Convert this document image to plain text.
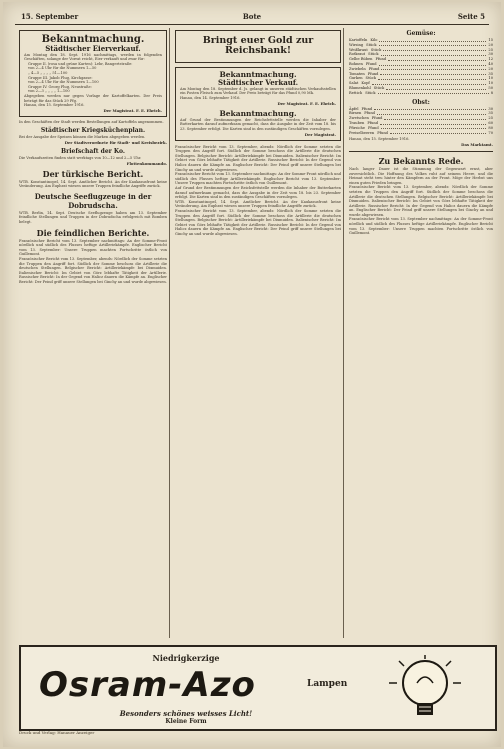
15. September	Bote	Seite 5
Bekanntmachung.
Städtischer Eierverkauf.
Am Montag den 18. Sept. 1916 nachmittags, werden in folgenden Geschäften, solange der Vorrat reicht, Eier verkauft und zwar für:
Gruppe II. (rosa und grüne Karten): Lehr, Bangertstraße:
von 2—4 Uhr für die Nummern 1—50
„ 4—5 „ „ „ „ 51—100
Gruppe III. Jakob Flug, Kirchgasse:
von 2—4 Uhr für die Nummern 1—100
Gruppe IV. Georg Flug, Neustraße:
von 2—3 „ „ „ „ 1—100
Abgegeben werden nur gegen Vorlage der Kartoffelkarten. Der Preis beträgt für das Stück 29 Pfg.
Hanau, den 15. September 1916.
Der Magistrat. F. E. Ehrich.
In den Geschäften der Stadt werden Bestellungen auf Kartoffeln angenommen.
Städtischer Kriegsküchenplan.
Bei der Ausgabe der Speisen können die Marken abgegeben werden.
Der Stadtverordnete für Stadt- und Kreisbezirk.
Briefschaft der Ko.
Die Verkaufszeiten finden statt werktags von 10—12 und 2—5 Uhr.
Flottenkommando.
Der türkische Bericht.
WTB. Konstantinopel, 14. Sept. Amtlicher Bericht. An der Kaukasusfront keine Veränderung. Am Euphrat wiesen unsere Truppen feindliche Angriffe zurück.
Deutsche Seeflugzeuge in der Dobrudscha.
WTB. Berlin, 14. Sept. Deutsche Seeflugzeuge haben am 13. September feindliche Stellungen und Truppen in der Dobrudscha erfolgreich mit Bomben belegt.
Die feindlichen Berichte.
Französischer Bericht vom 13. September nachmittags: An der Somme-Front nördlich und südlich des Flusses heftige Artilleriekämpfe. Englischer Bericht vom 13. September: Unsere Truppen machten Fortschritte östlich von Guillemont.
Französischer Bericht vom 13. September, abends: Nördlich der Somme setzten die Truppen den Angriff fort. Südlich der Somme beschoss die Artillerie die deutschen Stellungen. Belgischer Bericht: Artilleriekämpfe bei Dixmuiden. Italienischer Bericht: Im Gebiet von Görz lebhafte Tätigkeit der Artillerie. Russischer Bericht: In der Gegend von Halicz dauern die Kämpfe an. Englischer Bericht: Der Feind griff unsere Stellungen bei Ginchy an und wurde abgewiesen.
Bringt euer Gold zur Reichsbank!
Bekanntmachung.
Städtischer Verkauf.
Am Montag den 18. September d. Js. gelangt in unseren städtischen Verkaufsstellen ein Posten Fleisch zum Verkauf. Der Preis beträgt für das Pfund 0,90 Mk.
Hanau, den 14. September 1916.
Der Magistrat. F. E. Ehrich.
Bekanntmachung.
Auf Grund der Bestimmungen der Reichsfettstelle werden die Inhaber der Butterkarten darauf aufmerksam gemacht, dass die Ausgabe in der Zeit vom 18. bis 23. September erfolgt. Die Karten sind in den zuständigen Geschäften vorzulegen.
Der Magistrat.
Französischer Bericht vom 13. September, abends: Nördlich der Somme setzten die Truppen den Angriff fort. Südlich der Somme beschoss die Artillerie die deutschen Stellungen. Belgischer Bericht: Artilleriekämpfe bei Dixmuiden. Italienischer Bericht: Im Gebiet von Görz lebhafte Tätigkeit der Artillerie. Russischer Bericht: In der Gegend von Halicz dauern die Kämpfe an. Englischer Bericht: Der Feind griff unsere Stellungen bei Ginchy an und wurde abgewiesen.
Französischer Bericht vom 13. September nachmittags: An der Somme-Front nördlich und südlich des Flusses heftige Artilleriekämpfe. Englischer Bericht vom 13. September: Unsere Truppen machten Fortschritte östlich von Guillemont.
Auf Grund der Bestimmungen der Reichsfettstelle werden die Inhaber der Butterkarten darauf aufmerksam gemacht, dass die Ausgabe in der Zeit vom 18. bis 23. September erfolgt. Die Karten sind in den zuständigen Geschäften vorzulegen.
WTB. Konstantinopel, 14. Sept. Amtlicher Bericht. An der Kaukasusfront keine Veränderung. Am Euphrat wiesen unsere Truppen feindliche Angriffe zurück.
Französischer Bericht vom 13. September, abends: Nördlich der Somme setzten die Truppen den Angriff fort. Südlich der Somme beschoss die Artillerie die deutschen Stellungen. Belgischer Bericht: Artilleriekämpfe bei Dixmuiden. Italienischer Bericht: Im Gebiet von Görz lebhafte Tätigkeit der Artillerie. Russischer Bericht: In der Gegend von Halicz dauern die Kämpfe an. Englischer Bericht: Der Feind griff unsere Stellungen bei Ginchy an und wurde abgewiesen.
Gemüse:
Kartoffeln Kilo	15
Wirsing Stück	20
Weißkraut Stück	25
Rotkraut Stück	30
Gelbe Rüben Pfund	12
Bohnen Pfund	40
Zwiebeln Pfund	20
Tomaten Pfund	35
Gurken Stück	10
Salat Kopf	10
Blumenkohl Stück	50
Rettich Stück	8
Obst:
Äpfel Pfund	30
Birnen Pfund	35
Zwetschen Pfund	25
Trauben Pfund	60
Pfirsiche Pfund	80
Preiselbeeren Pfund	70
Hanau, den 15. September 1916.
Das Marktamt.
Zu Bekannts Rede.
Nach langer Dauer ist die Stimmung der Gegenwart ernst, aber zuversichtlich. Die Hoffnung des Volkes ruht auf seinem Heere, und die Heimat steht treu hinter den Kämpfern an der Front. Möge der Herbst uns einen guten Frieden bringen.
Französischer Bericht vom 13. September, abends: Nördlich der Somme setzten die Truppen den Angriff fort. Südlich der Somme beschoss die Artillerie die deutschen Stellungen. Belgischer Bericht: Artilleriekämpfe bei Dixmuiden. Italienischer Bericht: Im Gebiet von Görz lebhafte Tätigkeit der Artillerie. Russischer Bericht: In der Gegend von Halicz dauern die Kämpfe an. Englischer Bericht: Der Feind griff unsere Stellungen bei Ginchy an und wurde abgewiesen.
Französischer Bericht vom 13. September nachmittags: An der Somme-Front nördlich und südlich des Flusses heftige Artilleriekämpfe. Englischer Bericht vom 13. September: Unsere Truppen machten Fortschritte östlich von Guillemont.
Niedrigkerzige
Osram-Azo	Lampen
Besonders schönes weisses Licht!
Kleine Form
Druck und Verlag: Hanauer Anzeiger
